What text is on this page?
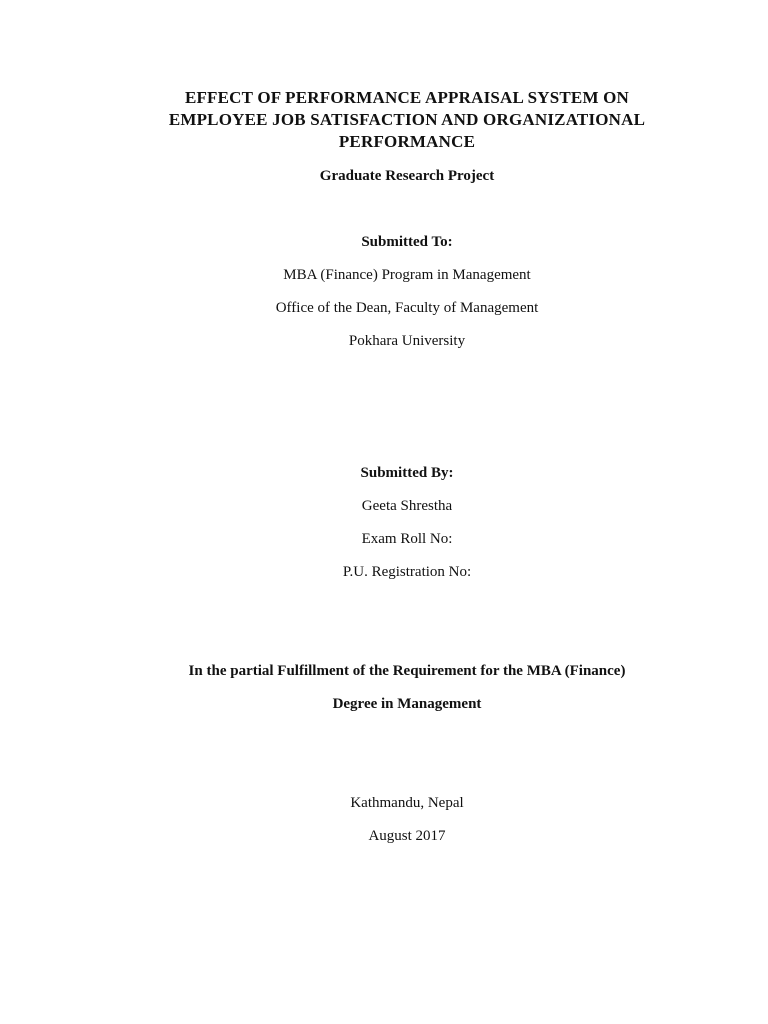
EFFECT OF PERFORMANCE APPRAISAL SYSTEM ON
EMPLOYEE JOB SATISFACTION AND ORGANIZATIONAL
PERFORMANCE
Graduate Research Project
Submitted To:
MBA (Finance) Program in Management
Office of the Dean, Faculty of Management
Pokhara University
Submitted By:
Geeta Shrestha
Exam Roll No:
P.U. Registration No:
In the partial Fulfillment of the Requirement for the MBA (Finance)
Degree in Management
Kathmandu, Nepal
August 2017
